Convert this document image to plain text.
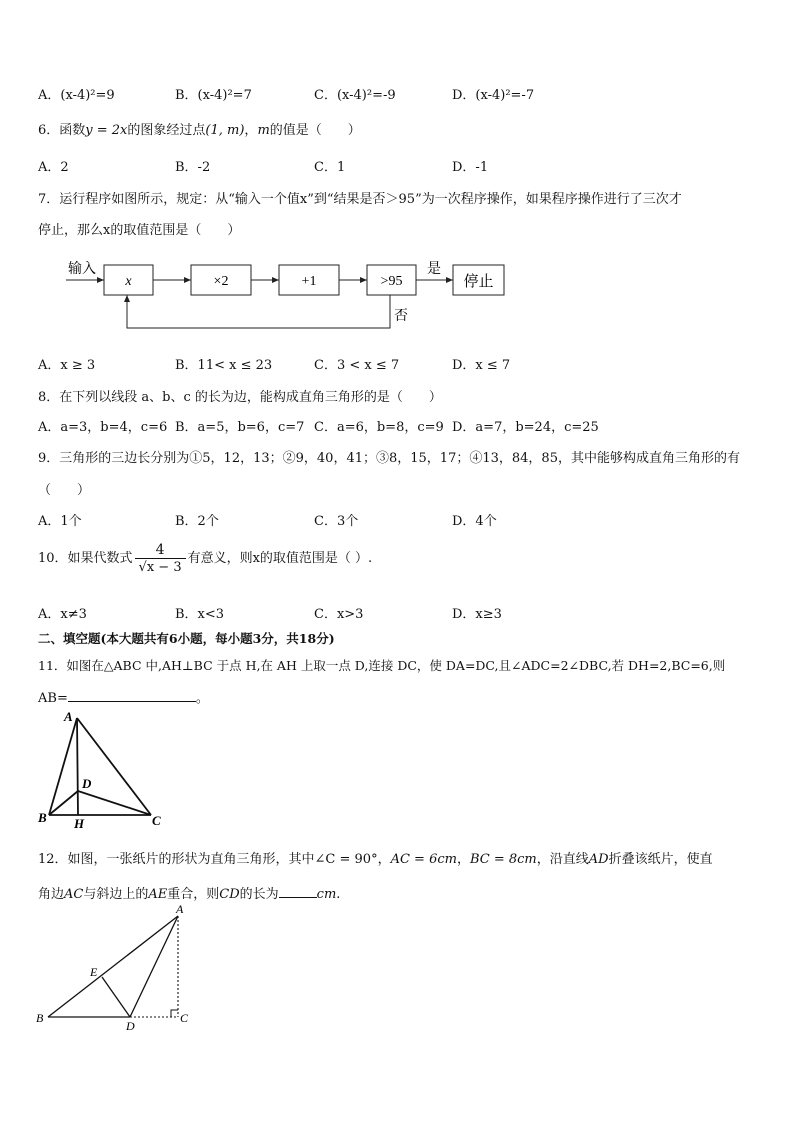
A．(x-4)²=9	B．(x-4)²=7	C．(x-4)²=-9	D．(x-4)²=-7
6．函数y = 2x的图象经过点(1, m)，m的值是（　　）
A．2	B．-2	C．1	D．-1
7．运行程序如图所示，规定：从“输入一个值x”到“结果是否＞95”为一次程序操作，如果程序操作进行了三次才
停止，那么x的取值范围是（　　）
输入
x	×2	+1	>95
是
停止
否
A．x ≥ 3	B．11< x ≤ 23	C．3 < x ≤ 7	D．x ≤ 7
8．在下列以线段 a、b、c 的长为边，能构成直角三角形的是（　　）
A．a=3，b=4，c=6 B．a=5，b=6，c=7 C．a=6，b=8，c=9 D．a=7，b=24，c=25
9．三角形的三边长分别为①5，12，13；②9，40，41；③8，15，17；④13，84，85，其中能够构成直角三角形的有
（　　）
A．1个	B．2个	C．3个	D．4个
10．如果代数式 $\frac{4}{√x - 3}$ 有意义，则x的取值范围是（ ）.
A．x≠3	B．x<3	C．x>3	D．x≥3
二、填空题(本大题共有6小题，每小题3分，共18分)
11．如图在△ABC 中,AH⊥BC 于点 H,在 AH 上取一点 D,连接 DC，使 DA=DC,且∠ADC=2∠DBC,若 DH=2,BC=6,则
AB=	。
A
B	C
D
H
12．如图，一张纸片的形状为直角三角形，其中∠C = 90°，AC = 6cm，BC = 8cm，沿直线AD折叠该纸片，使直
角边AC与斜边上的AE重合，则CD的长为	cm.
A
B	C
D
E
